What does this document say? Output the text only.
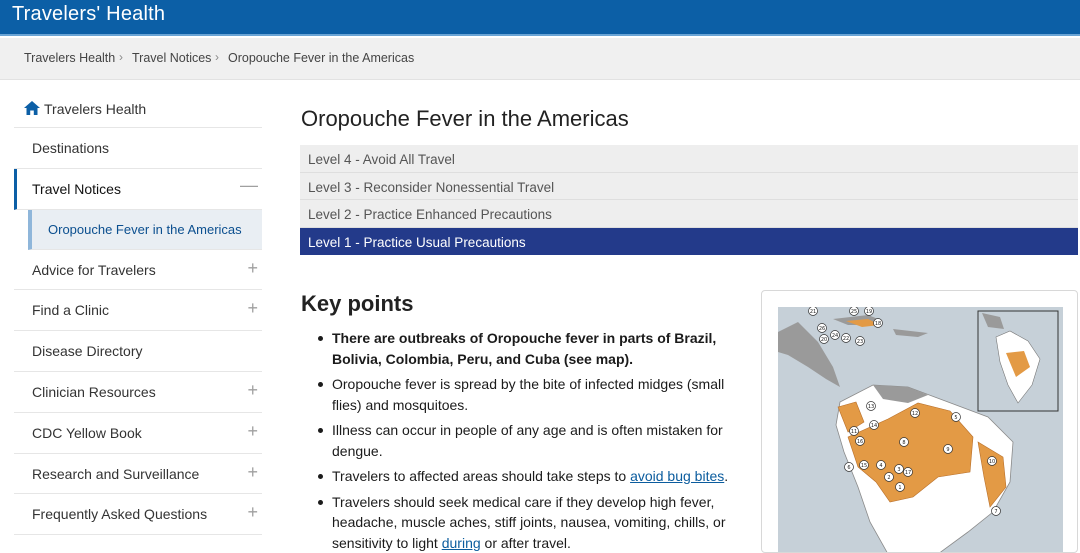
Travelers' Health
Travelers Health › Travel Notices › Oropouche Fever in the Americas
Travelers Health
Destinations
Travel Notices	—
Oropouche Fever in the Americas
Advice for Travelers	+
Find a Clinic	+
Disease Directory
Clinician Resources	+
CDC Yellow Book	+
Research and Surveillance	+
Frequently Asked Questions +
Oropouche Fever in the Americas
Level 4 - Avoid All Travel
Level 3 - Reconsider Nonessential Travel
Level 2 - Practice Enhanced Precautions
Level 1 - Practice Usual Precautions
Key points
There are outbreaks of Oropouche fever in parts of Brazil, Bolivia, Colombia, Peru, and Cuba (see map).
Oropouche fever is spread by the bite of infected midges (small flies) and mosquitoes.
Illness can occur in people of any age and is often mistaken for dengue.
Travelers to affected areas should take steps to avoid bug bites.
Travelers should seek medical care if they develop high fever, headache, muscle aches, stiff joints, nausea, vomiting, chills, or sensitivity to light during or after travel.
21	25 19
18
26
24
20	22 23
13
12
5
14
11
16	8
9
10
3
4
15
2
17
1
7
6
